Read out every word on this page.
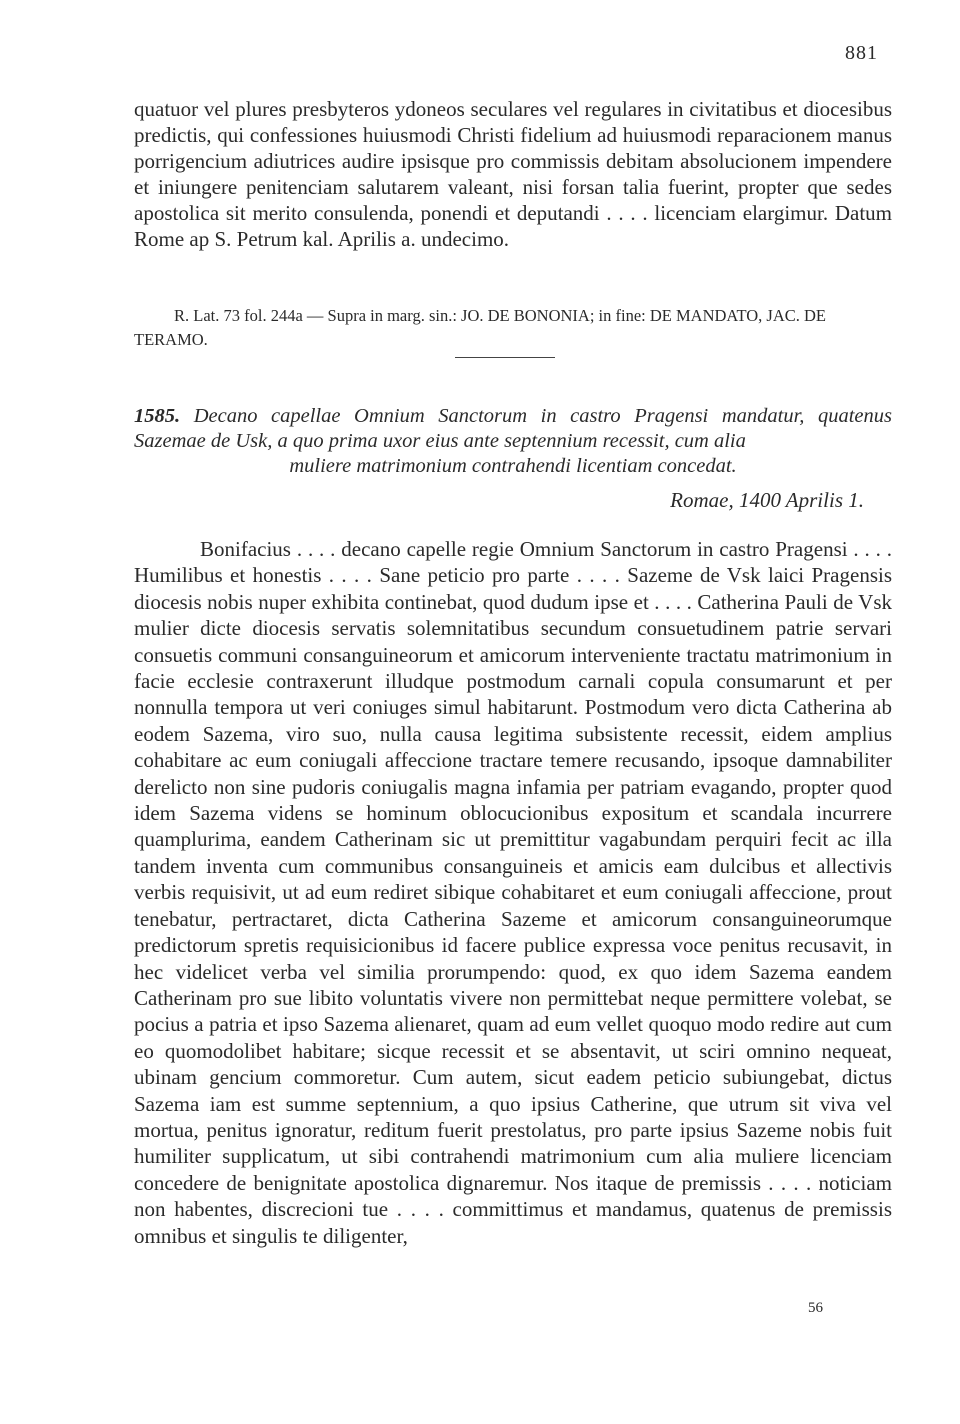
881

quatuor vel plures presbyteros ydoneos seculares vel regulares in civitatibus et diocesibus predictis, qui confessiones huiusmodi Christi fidelium ad huiusmodi reparacionem manus porrigencium adiutrices audire ipsisque pro commissis debitam absolucionem impendere et iniungere penitenciam salutarem valeant, nisi forsan talia fuerint, propter que sedes apostolica sit merito consulenda, ponendi et deputandi . . . . licenciam elargimur. Datum Rome ap S. Petrum kal. Aprilis a. undecimo.

R. Lat. 73 fol. 244a — Supra in marg. sin.: JO. DE BONONIA; in fine: DE MANDATO, JAC. DE TERAMO.

1585. Decano capellae Omnium Sanctorum in castro Pragensi mandatur, quatenus Sazemae de Usk, a quo prima uxor eius ante septennium recessit, cum alia
muliere matrimonium contrahendi licentiam concedat.

Romae, 1400 Aprilis 1.

Bonifacius . . . . decano capelle regie Omnium Sanctorum in castro Pragensi . . . . Humilibus et honestis . . . . Sane peticio pro parte . . . . Sazeme de Vsk laici Pragensis diocesis nobis nuper exhibita continebat, quod dudum ipse et . . . . Catherina Pauli de Vsk mulier dicte diocesis servatis solemnitatibus secundum consuetudinem patrie servari consuetis communi consanguineorum et amicorum interveniente tractatu matrimonium in facie ecclesie contraxerunt illudque postmodum carnali copula consumarunt et per nonnulla tempora ut veri coniuges simul habitarunt. Postmodum vero dicta Catherina ab eodem Sazema, viro suo, nulla causa legitima subsistente recessit, eidem amplius cohabitare ac eum coniugali affeccione tractare temere recusando, ipsoque damnabiliter derelicto non sine pudoris coniugalis magna infamia per patriam evagando, propter quod idem Sazema videns se hominum oblocucionibus expositum et scandala incurrere quamplurima, eandem Catherinam sic ut premittitur vagabundam perquiri fecit ac illa tandem inventa cum communibus consanguineis et amicis eam dulcibus et allectivis verbis requisivit, ut ad eum rediret sibique cohabitaret et eum coniugali affeccione, prout tenebatur, pertractaret, dicta Catherina Sazeme et amicorum consanguineorumque predictorum spretis requisicionibus id facere publice expressa voce penitus recusavit, in hec videlicet verba vel similia prorumpendo: quod, ex quo idem Sazema eandem Catherinam pro sue libito voluntatis vivere non permittebat neque permittere volebat, se pocius a patria et ipso Sazema alienaret, quam ad eum vellet quoquo modo redire aut cum eo quomodolibet habitare; sicque recessit et se absentavit, ut sciri omnino nequeat, ubinam gencium commoretur. Cum autem, sicut eadem peticio subiungebat, dictus Sazema iam est summe septennium, a quo ipsius Catherine, que utrum sit viva vel mortua, penitus ignoratur, reditum fuerit prestolatus, pro parte ipsius Sazeme nobis fuit humiliter supplicatum, ut sibi contrahendi matrimonium cum alia muliere licenciam concedere de benignitate apostolica dignaremur. Nos itaque de premissis . . . . noticiam non habentes, discrecioni tue . . . . committimus et mandamus, quatenus de premissis omnibus et singulis te diligenter,

56
